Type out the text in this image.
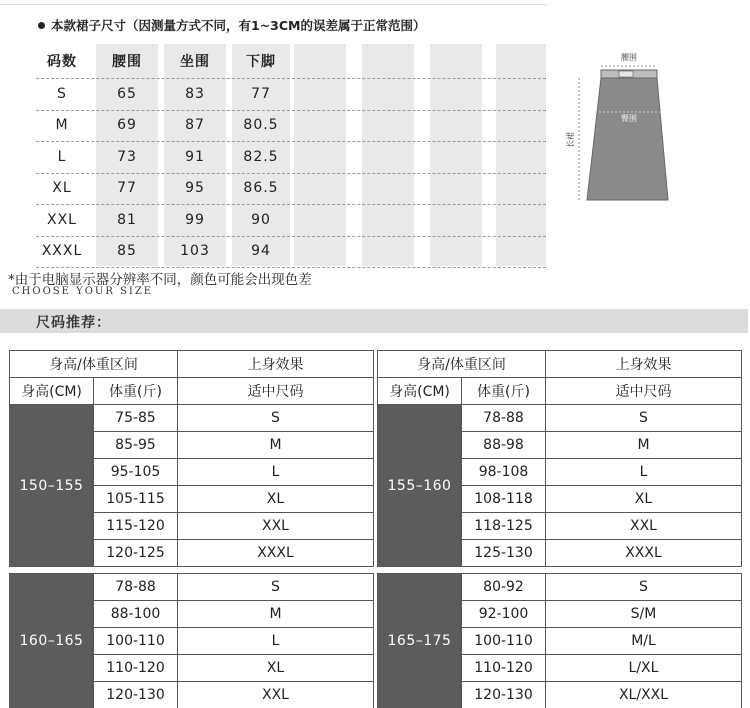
本款裙子尺寸（因测量方式不同，有1~3CM的误差属于正常范围）
码数	腰围	坐围	下脚
S	65	83	77
M	69	87	80.5
L	73	91	82.5
XL	77	95	86.5
XXL	81	99	90
XXXL	85	103	94
腰围
臀围
长裙
*由于电脑显示器分辨率不同，颜色可能会出现色差
CHOOSE YOUR SIZE
尺码推荐：
身高/体重区间		上身效果
身高(CM)	体重(斤)	适中尺码
150–155	75-85	S
	85-95	M
	95-105	L
	105-115	XL
	115-120	XXL
	120-125	XXXL
身高/体重区间		上身效果
身高(CM)	体重(斤)	适中尺码
155–160	78-88	S
	88-98	M
	98-108	L
	108-118	XL
	118-125	XXL
	125-130	XXXL
160–165	78-88	S
	88-100	M
	100-110	L
	110-120	XL
	120-130	XXL
165–175	80-92	S
	92-100	S/M
	100-110	M/L
	110-120	L/XL
	120-130	XL/XXL
